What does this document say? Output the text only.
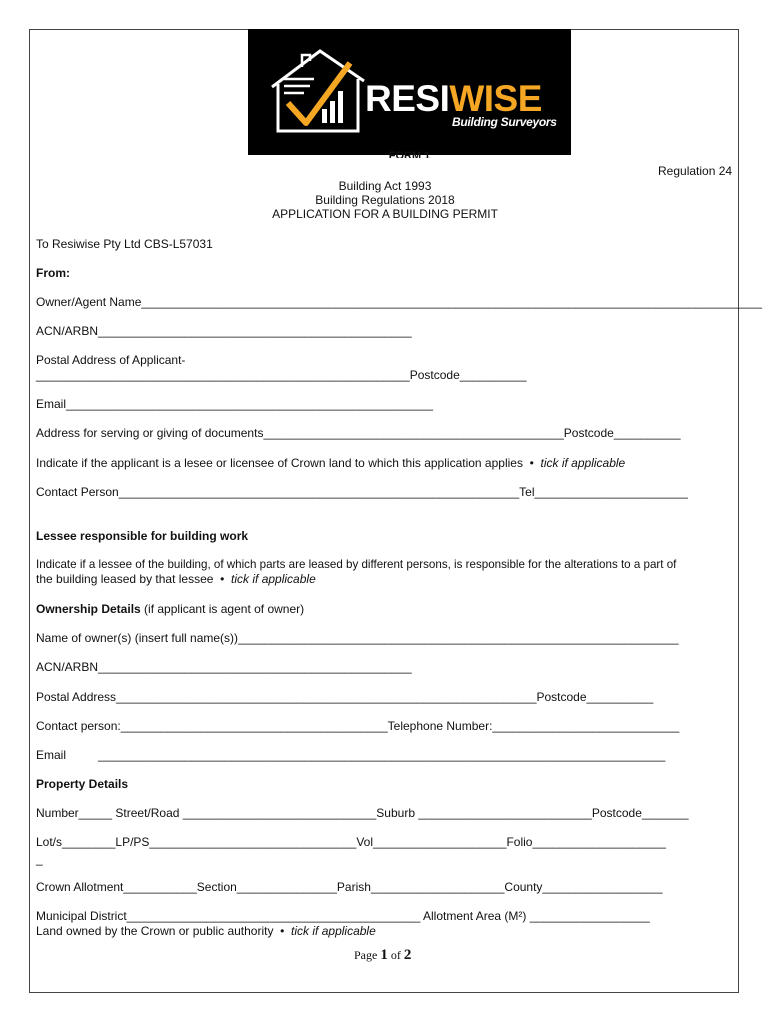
RESIWISE
Building Surveyors
FORM 1
Regulation 24
Building Act 1993
Building Regulations 2018
APPLICATION FOR A BUILDING PERMIT
To Resiwise Pty Ltd CBS-L57031
From:
Owner/Agent Name_____________________________________________________________________________________________
ACN/ARBN_______________________________________________
Postal Address of Applicant-
________________________________________________________Postcode__________
Email_______________________________________________________
Address for serving or giving of documents_____________________________________________Postcode__________
Indicate if the applicant is a lesee or licensee of Crown land to which this application applies  •  tick if applicable
Contact Person____________________________________________________________Tel_______________________
Lessee responsible for building work
Indicate if a lessee of the building, of which parts are leased by different persons, is responsible for the alterations to a part of
the building leased by that lessee  •  tick if applicable
Ownership Details (if applicant is agent of owner)
Name of owner(s) (insert full name(s))__________________________________________________________________
ACN/ARBN_______________________________________________
Postal Address_______________________________________________________________Postcode__________
Contact person:________________________________________Telephone Number:____________________________
Email	_____________________________________________________________________________________
Property Details
Number_____ Street/Road _____________________________Suburb __________________________Postcode_______
Lot/s________LP/PS_______________________________Vol____________________Folio____________________
_
Crown Allotment___________Section_______________Parish____________________County__________________
Municipal District____________________________________________ Allotment Area (M²) __________________
Land owned by the Crown or public authority  •  tick if applicable
Page 1 of 2
